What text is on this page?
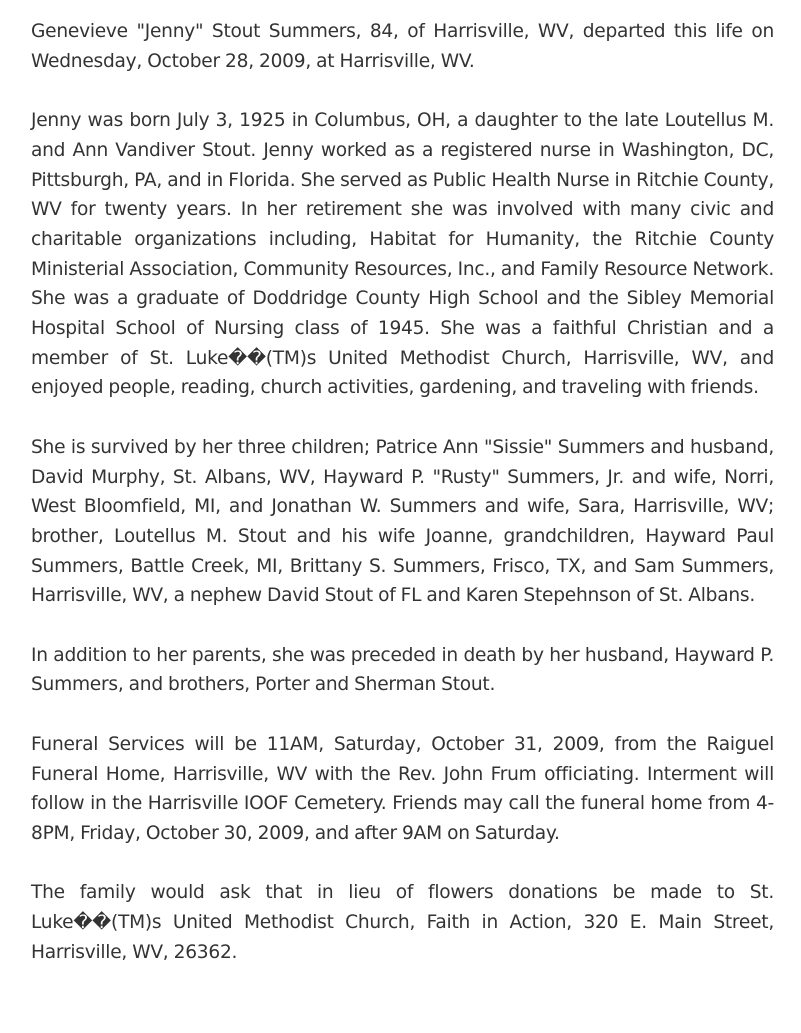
Genevieve "Jenny" Stout Summers, 84, of Harrisville, WV, departed this life on Wednesday, October 28, 2009, at Harrisville, WV.

Jenny was born July 3, 1925 in Columbus, OH, a daughter to the late Loutellus M. and Ann Vandiver Stout. Jenny worked as a registered nurse in Washington, DC, Pittsburgh, PA, and in Florida. She served as Public Health Nurse in Ritchie County, WV for twenty years. In her retirement she was involved with many civic and charitable organizations including, Habitat for Humanity, the Ritchie County Ministerial Association, Community Resources, Inc., and Family Resource Network. She was a graduate of Doddridge County High School and the Sibley Memorial Hospital School of Nursing class of 1945. She was a faithful Christian and a member of St. Luke��(TM)s United Methodist Church, Harrisville, WV, and enjoyed people, reading, church activities, gardening, and traveling with friends.

She is survived by her three children; Patrice Ann "Sissie" Summers and husband, David Murphy, St. Albans, WV, Hayward P. "Rusty" Summers, Jr. and wife, Norri, West Bloomfield, MI, and Jonathan W. Summers and wife, Sara, Harrisville, WV; brother, Loutellus M. Stout and his wife Joanne, grandchildren, Hayward Paul Summers, Battle Creek, MI, Brittany S. Summers, Frisco, TX, and Sam Summers, Harrisville, WV, a nephew David Stout of FL and Karen Stepehnson of St. Albans.

In addition to her parents, she was preceded in death by her husband, Hayward P. Summers, and brothers, Porter and Sherman Stout.

Funeral Services will be 11AM, Saturday, October 31, 2009, from the Raiguel Funeral Home, Harrisville, WV with the Rev. John Frum officiating. Interment will follow in the Harrisville IOOF Cemetery. Friends may call the funeral home from 4-8PM, Friday, October 30, 2009, and after 9AM on Saturday.

The family would ask that in lieu of flowers donations be made to St. Luke��(TM)s United Methodist Church, Faith in Action, 320 E. Main Street, Harrisville, WV, 26362.
